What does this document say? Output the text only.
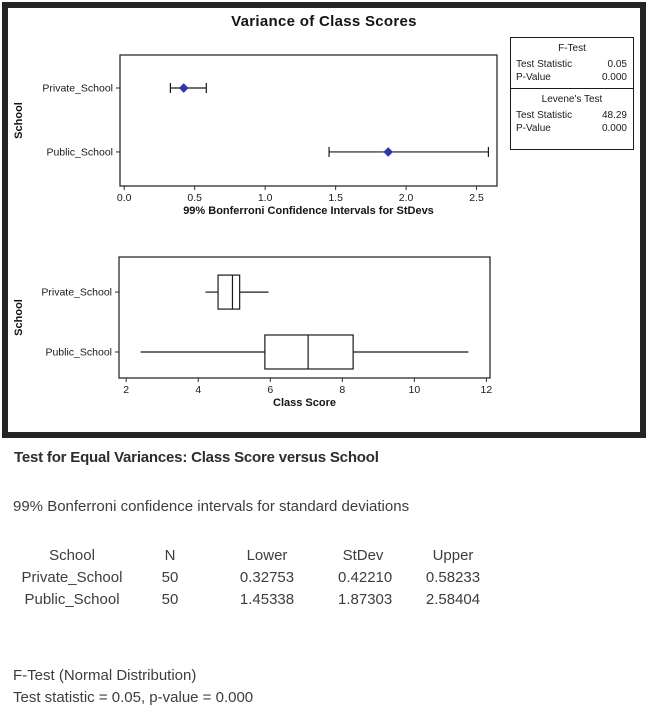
0.0	0.5	1.0	1.5	2.0	2.5
99% Bonferroni Confidence Intervals for StDevs
School
Private_School
Public_School
2	4	6	8	10	12
Class Score
School
Private_School
Public_School
Variance of Class Scores
F-Test
Test Statistic	0.05
P-Value	0.000
Levene's Test
Test Statistic	48.29
P-Value	0.000
Test for Equal Variances: Class Score versus School
99% Bonferroni confidence intervals for standard deviations
School	N	Lower	StDev	Upper
Private_School	50	0.32753	0.42210	0.58233
Public_School	50	1.45338	1.87303	2.58404
F-Test (Normal Distribution)
Test statistic = 0.05, p-value = 0.000
